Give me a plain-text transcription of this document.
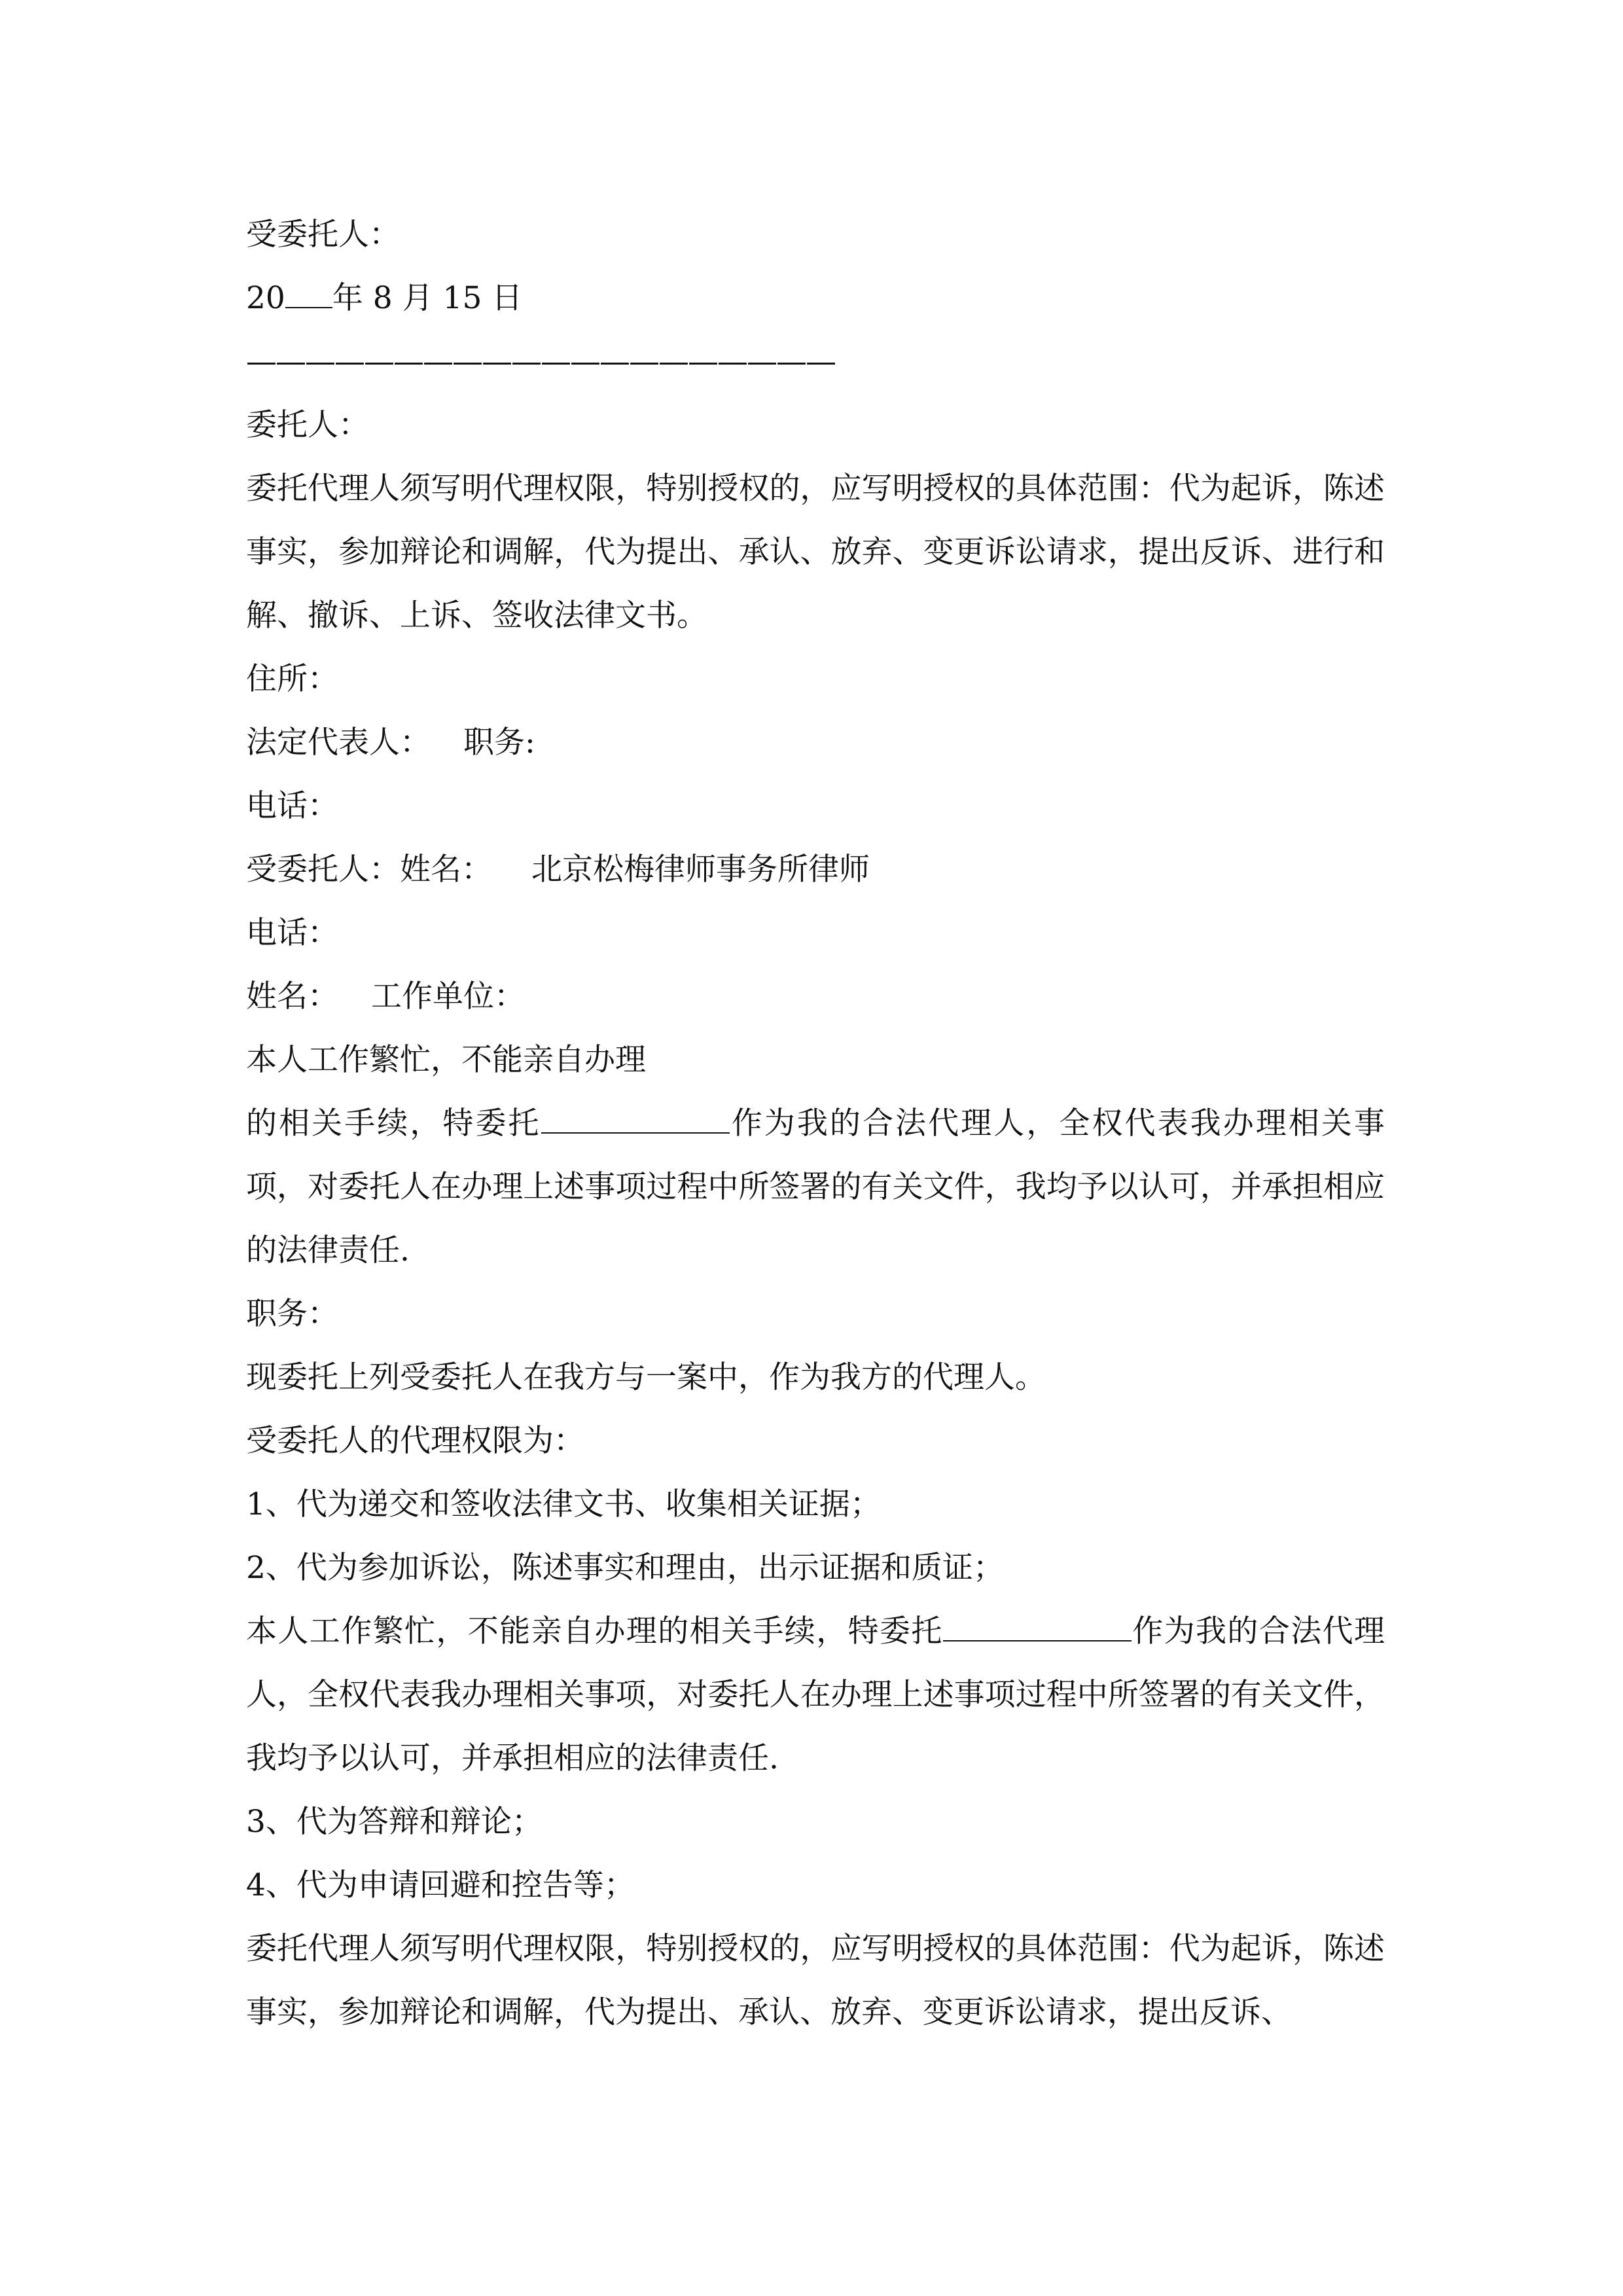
受委托人：

20 年 8 月 15 日

————————————————————

委托人：

委托代理人须写明代理权限，特别授权的，应写明授权的具体范围：代为起诉，陈述事实，参加辩论和调解，代为提出、承认、放弃、变更诉讼请求，提出反诉、进行和解、撤诉、上诉、签收法律文书。

住所：

法定代表人： 职务:

电话：

受委托人：姓名： 北京松梅律师事务所律师

电话：

姓名： 工作单位：

本人工作繁忙，不能亲自办理

的相关手续，特委托	作为我的合法代理人，全权代表我办理相关事项，对委托人在办理上述事项过程中所签署的有关文件，我均予以认可，并承担相应的法律责任.

职务：

现委托上列受委托人在我方与一案中，作为我方的代理人。

受委托人的代理权限为：

1、代为递交和签收法律文书、收集相关证据；

2、代为参加诉讼，陈述事实和理由，出示证据和质证；

本人工作繁忙，不能亲自办理的相关手续，特委托	作为我的合法代理人，全权代表我办理相关事项，对委托人在办理上述事项过程中所签署的有关文件，我均予以认可，并承担相应的法律责任.

3、代为答辩和辩论；

4、代为申请回避和控告等；

委托代理人须写明代理权限，特别授权的，应写明授权的具体范围：代为起诉，陈述事实，参加辩论和调解，代为提出、承认、放弃、变更诉讼请求，提出反诉、
